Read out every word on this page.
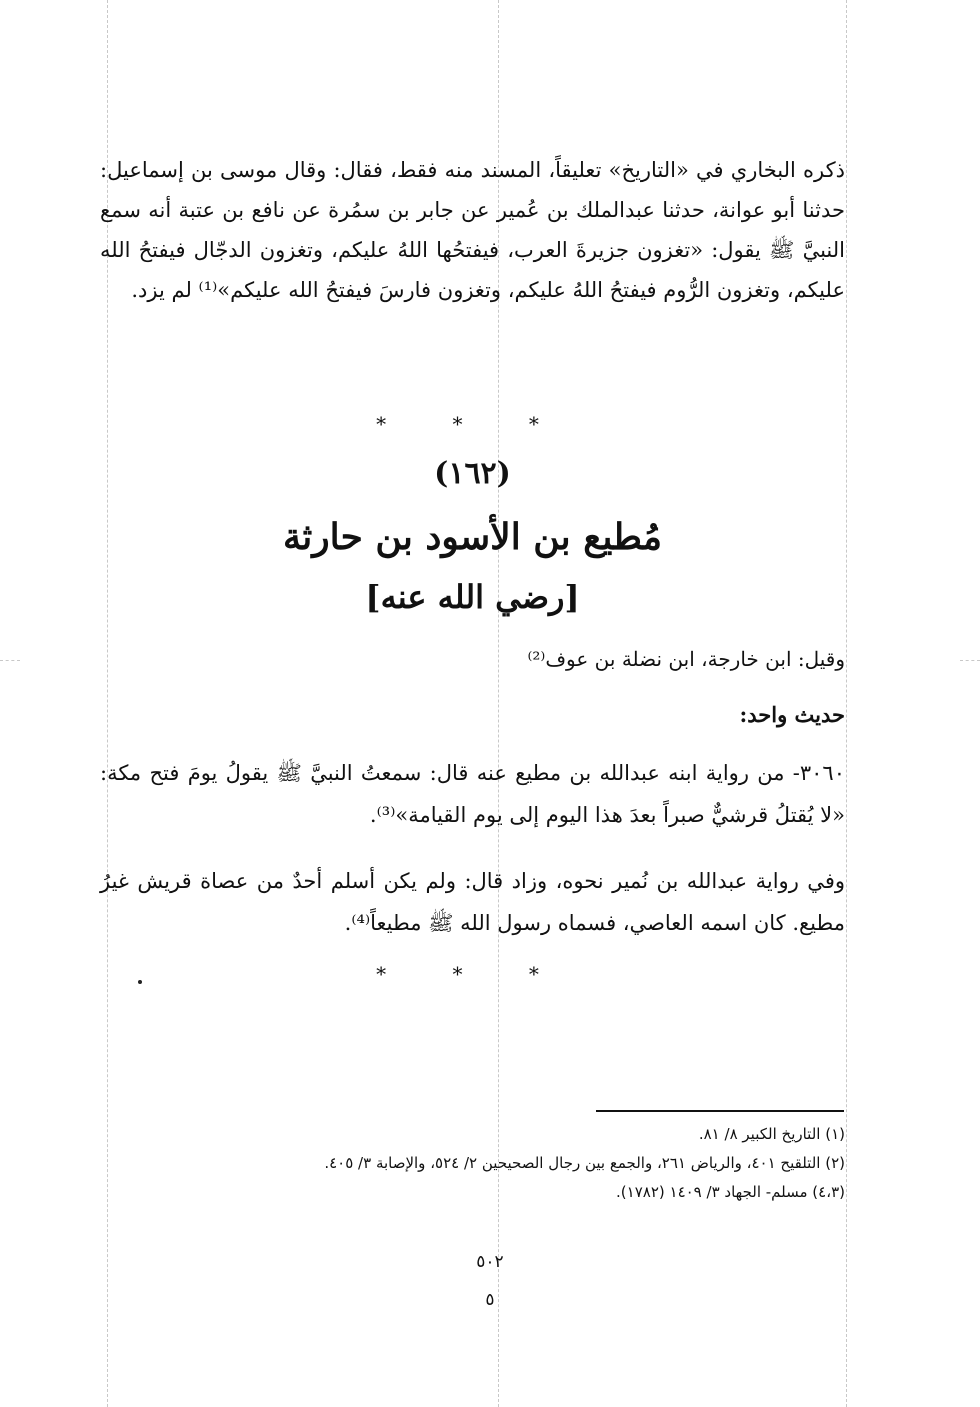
ذكره البخاري في «التاريخ» تعليقاً، المسند منه فقط، فقال: وقال موسى بن إسماعيل: حدثنا أبو عوانة، حدثنا عبدالملك بن عُمير عن جابر بن سمُرة عن نافع بن عتبة أنه سمع النبيَّ ﷺ يقول: «تغزون جزيرةَ العرب، فيفتحُها اللهُ عليكم، وتغزون الدجّال فيفتحُ الله عليكم، وتغزون الرُّوم فيفتحُ اللهُ عليكم، وتغزون فارسَ فيفتحُ الله عليكم»⁽¹⁾ لم يزد.
* * *
(١٦٢)
مُطيع بن الأسود بن حارثة
[رضي الله عنه]
وقيل: ابن خارجة، ابن نضلة بن عوف⁽²⁾
حديث واحد:
٣٠٦٠- من رواية ابنه عبدالله بن مطيع عنه قال: سمعتُ النبيَّ ﷺ يقولُ يومَ فتح مكة: «لا يُقتلُ قرشيٌّ صبراً بعدَ هذا اليوم إلى يوم القيامة»⁽³⁾.
وفي رواية عبدالله بن نُمير نحوه، وزاد قال: ولم يكن أسلم أحدٌ من عصاة قريش غيرُ مطيع. كان اسمه العاصي، فسماه رسول الله ﷺ مطيعاً⁽⁴⁾.
* * *
(١) التاريخ الكبير ٨/ ٨١.
(٢) التلقيح ٤٠١، والرياض ٢٦١، والجمع بين رجال الصحيحين ٢/ ٥٢٤، والإصابة ٣/ ٤٠٥.
(٤،٣) مسلم- الجهاد ٣/ ١٤٠٩ (١٧٨٢).
٥٠٢
٥
